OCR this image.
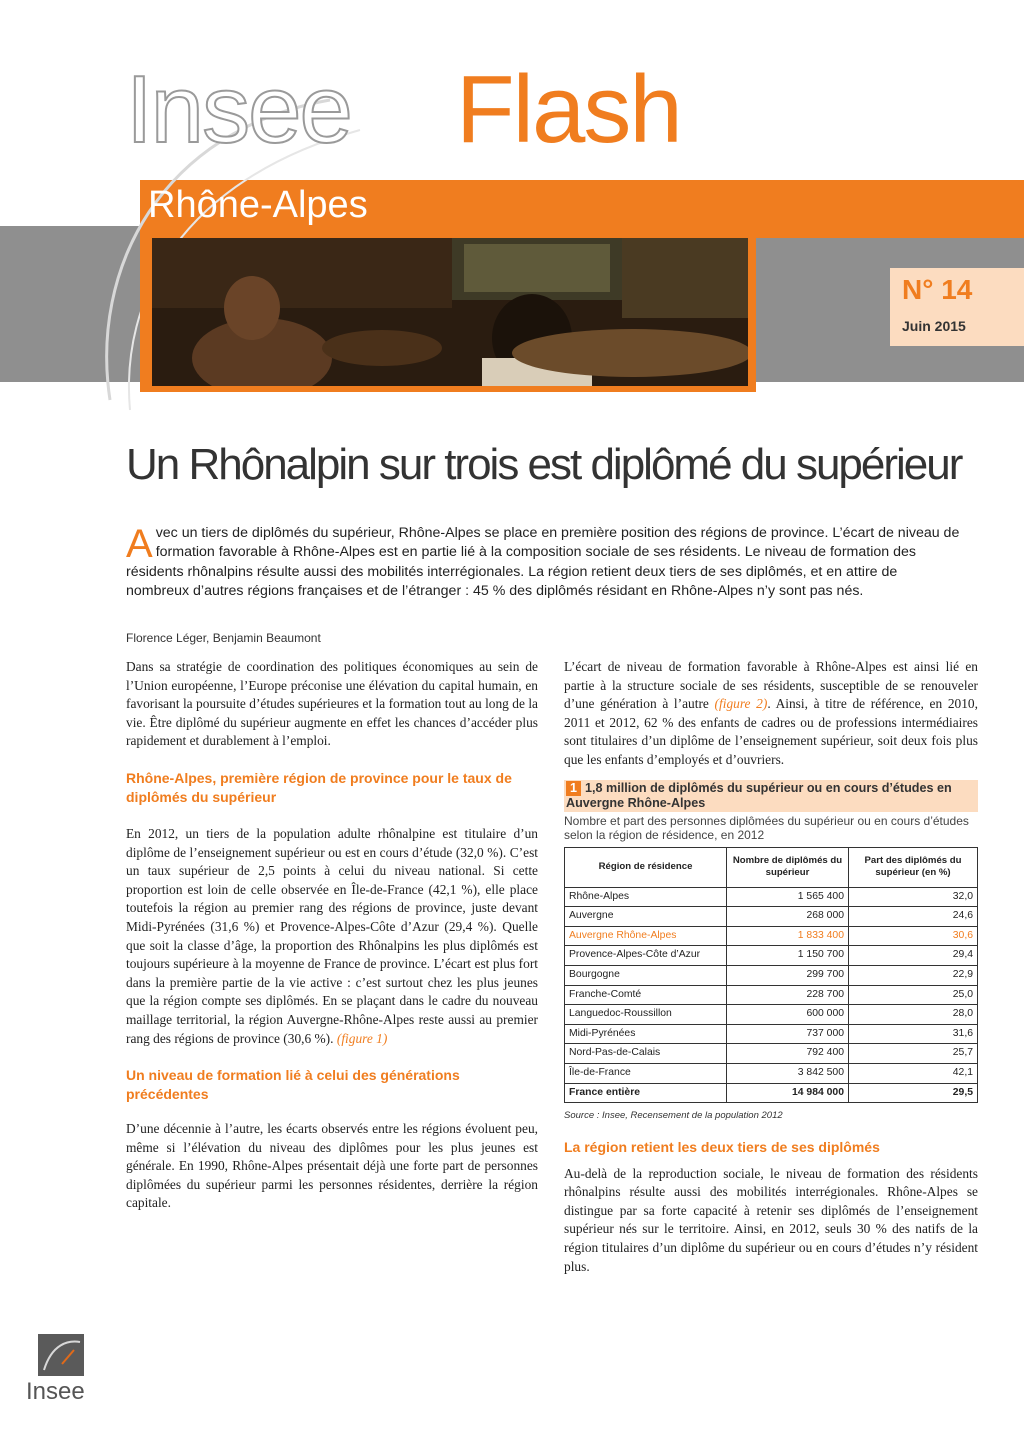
Insee Flash
Rhône-Alpes
N° 14
Juin 2015
Un Rhônalpin sur trois est diplômé du supérieur
Avec un tiers de diplômés du supérieur, Rhône-Alpes se place en première position des régions de province. L’écart de niveau de formation favorable à Rhône-Alpes est en partie lié à la composition sociale de ses résidents. Le niveau de formation des résidents rhônalpins résulte aussi des mobilités interrégionales. La région retient deux tiers de ses diplômés, et en attire de nombreux d’autres régions françaises et de l’étranger : 45 % des diplômés résidant en Rhône-Alpes n’y sont pas nés.
Florence Léger, Benjamin Beaumont

Dans sa stratégie de coordination des politiques économiques au sein de l’Union européenne, l’Europe préconise une élévation du capital humain, en favorisant la poursuite d’études supérieures et la formation tout au long de la vie. Être diplômé du supérieur augmente en effet les chances d’accéder plus rapidement et durablement à l’emploi.

Rhône-Alpes, première région de province pour le taux de diplômés du supérieur

En 2012, un tiers de la population adulte rhônalpine est titulaire d’un diplôme de l’enseignement supérieur ou est en cours d’étude (32,0 %). C’est un taux supérieur de 2,5 points à celui du niveau national. Si cette proportion est loin de celle observée en Île-de-France (42,1 %), elle place toutefois la région au premier rang des régions de province, juste devant Midi-Pyrénées (31,6 %) et Provence-Alpes-Côte d’Azur (29,4 %). Quelle que soit la classe d’âge, la proportion des Rhônalpins les plus diplômés est toujours supérieure à la moyenne de France de province. L’écart est plus fort dans la première partie de la vie active : c’est surtout chez les plus jeunes que la région compte ses diplômés. En se plaçant dans le cadre du nouveau maillage territorial, la région Auvergne-Rhône-Alpes reste aussi au premier rang des régions de province (30,6 %). (figure 1)

Un niveau de formation lié à celui des générations précédentes

D’une décennie à l’autre, les écarts observés entre les régions évoluent peu, même si l’élévation du niveau des diplômes pour les plus jeunes est générale. En 1990, Rhône-Alpes présentait déjà une forte part de personnes diplômées du supérieur parmi les personnes résidentes, derrière la région capitale.

L’écart de niveau de formation favorable à Rhône-Alpes est ainsi lié en partie à la structure sociale de ses résidents, susceptible de se renouveler d’une génération à l’autre (figure 2). Ainsi, à titre de référence, en 2010, 2011 et 2012, 62 % des enfants de cadres ou de professions intermédiaires sont titulaires d’un diplôme de l’enseignement supérieur, soit deux fois plus que les enfants d’employés et d’ouvriers.

1 1,8 million de diplômés du supérieur ou en cours d’études en Auvergne Rhône-Alpes
Nombre et part des personnes diplômées du supérieur ou en cours d’études selon la région de résidence, en 2012
Région de résidence	Nombre de diplômés du supérieur	Part des diplômés du supérieur (en %)
Rhône-Alpes	1 565 400	32,0
Auvergne	268 000	24,6
Auvergne Rhône-Alpes	1 833 400	30,6
Provence-Alpes-Côte d’Azur	1 150 700	29,4
Bourgogne	299 700	22,9
Franche-Comté	228 700	25,0
Languedoc-Roussillon	600 000	28,0
Midi-Pyrénées	737 000	31,6
Nord-Pas-de-Calais	792 400	25,7
Île-de-France	3 842 500	42,1
France entière	14 984 000	29,5
Source : Insee, Recensement de la population 2012
La région retient les deux tiers de ses diplômés

Au-delà de la reproduction sociale, le niveau de formation des résidents rhônalpins résulte aussi des mobilités interrégionales. Rhône-Alpes se distingue par sa forte capacité à retenir ses diplômés de l’enseignement supérieur nés sur le territoire. Ainsi, en 2012, seuls 30 % des natifs de la région titulaires d’un diplôme du supérieur ou en cours d’études n’y résident plus.

Insee
